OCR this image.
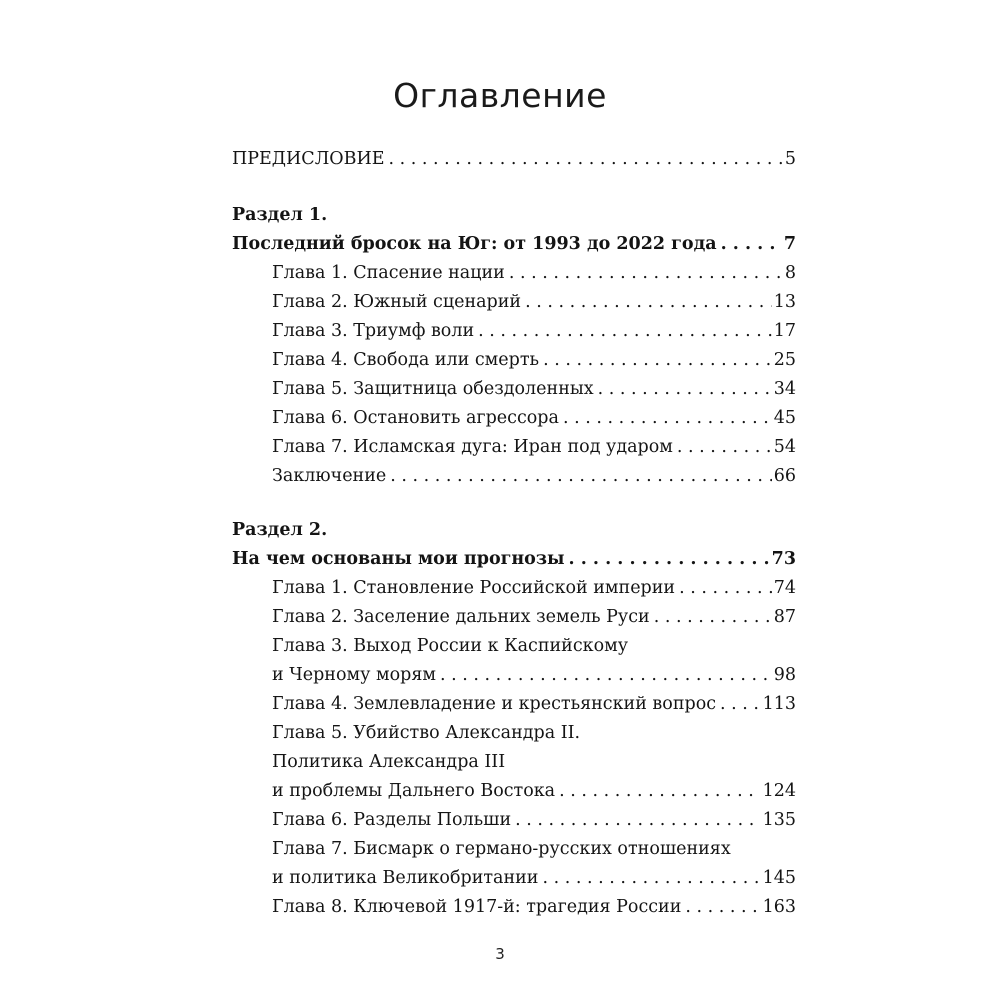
Оглавление
ПРЕДИСЛОВИЕ . . .	5
Раздел 1.
Последний бросок на Юг: от 1993 до 2022 года . . .	7
Глава 1. Спасение нации . . .	8
Глава 2. Южный сценарий . . .	13
Глава 3. Триумф воли . . .	17
Глава 4. Свобода или смерть . . .	25
Глава 5. Защитница обездоленных . . .	34
Глава 6. Остановить агрессора . . .	45
Глава 7. Исламская дуга: Иран под ударом . . .	54
Заключение . . .	66
Раздел 2.
На чем основаны мои прогнозы . . .	73
Глава 1. Становление Российской империи . . .	74
Глава 2. Заселение дальних земель Руси . . .	87
Глава 3. Выход России к Каспийскому
и Черному морям . . .	98
Глава 4. Землевладение и крестьянский вопрос . . .	113
Глава 5. Убийство Александра II.
Политика Александра III
и проблемы Дальнего Востока . . .	124
Глава 6. Разделы Польши . . .	135
Глава 7. Бисмарк о германо-русских отношениях
и политика Великобритании . . .	145
Глава 8. Ключевой 1917-й: трагедия России . . .	163
3
